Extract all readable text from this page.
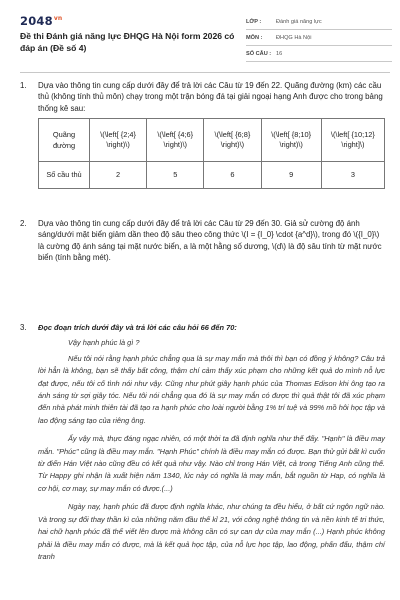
$2048^{vn}$
Đề thi Đánh giá năng lực ĐHQG Hà Nội form 2026 có đáp án (Đề số 4)
LỚP :	Đánh giá năng lực
MÔN :	ĐHQG Hà Nội
SỐ CÂU : 16
1.	Dựa vào thông tin cung cấp dưới đây để trả lời các Câu từ 19 đến 22. Quãng đường (km) các cầu thủ (không tính thủ môn) chạy trong một trận bóng đá tại giải ngoại hạng Anh được cho trong bảng thống kê sau:
Quãng đường	\(\left[ {2;4} \right)\)	\(\left[ {4;6} \right)\)	\(\left[ {6;8} \right)\)	\(\left[ {8;10} \right)\)	\(\left[ {10;12} \right]\)
Số cầu thủ	2	5	6	9	3
2.	Dựa vào thông tin cung cấp dưới đây để trả lời các Câu từ 29 đến 30. Giả sử cường độ ánh sáng/dưới mặt biển giảm dần theo độ sâu theo công thức \(I = {I_0} \cdot {a^d}\), trong đó \({I_0}\) là cường độ ánh sáng tại mặt nước biển, a là một hằng số dương, \(d\) là độ sâu tính từ mặt nước biển (tính bằng mét).
3.	Đọc đoạn trích dưới đây và trả lời các câu hỏi 66 đến 70:

Vậy hạnh phúc là gì ?

Nếu tôi nói rằng hạnh phúc chẳng qua là sự may mắn mà thôi thì bạn có đồng ý không? Câu trả lời hẳn là không, bạn sẽ thấy bất công, thậm chí cảm thấy xúc phạm cho những kết quả do mình nỗ lực đạt được, nếu tôi cố tình nói như vậy. Cũng như phút giây hạnh phúc của Thomas Edison khi ông tạo ra ánh sáng từ sợi giây tóc. Nếu tôi nói chẳng qua đó là sự may mắn có được thì quả thật tôi đã xúc phạm đến nhà phát minh thiên tài đã tạo ra hạnh phúc cho loài người bằng 1% trí tuệ và 99% mồ hôi học tập và lao động sáng tạo của riêng ông.

Ấy vậy mà, thực đáng ngạc nhiên, có một thời ta đã định nghĩa như thế đấy. "Hạnh" là điều may mắn. "Phúc" cũng là điều may mắn. "Hạnh Phúc" chính là điều may mắn có được. Bạn thử gửi bất kì cuốn từ điển Hán Việt nào cũng đều có kết quả như vậy. Nào chỉ trong Hán Việt, cả trong Tiếng Anh cũng thế. Từ Happy ghi nhận là xuất hiện năm 1340, lúc này có nghĩa là may mắn, bắt nguồn từ Hap, có nghĩa là cơ hội, cơ may, sự may mắn có được.(...)

Ngày nay, hạnh phúc đã được định nghĩa khác, như chúng ta đều hiểu, ở bất cứ ngôn ngữ nào. Và trong sự đổi thay thần kì của những năm đầu thế kỉ 21, với công nghệ thông tin và nền kinh tế tri thức, hai chữ hạnh phúc đã thể viết lên được mà không cần có sự can dự của may mắn (...) Hạnh phúc không phải là điều may mắn có được, mà là kết quả học tập, của nỗ lực học tập, lao động, phấn đấu, thậm chí tranh
